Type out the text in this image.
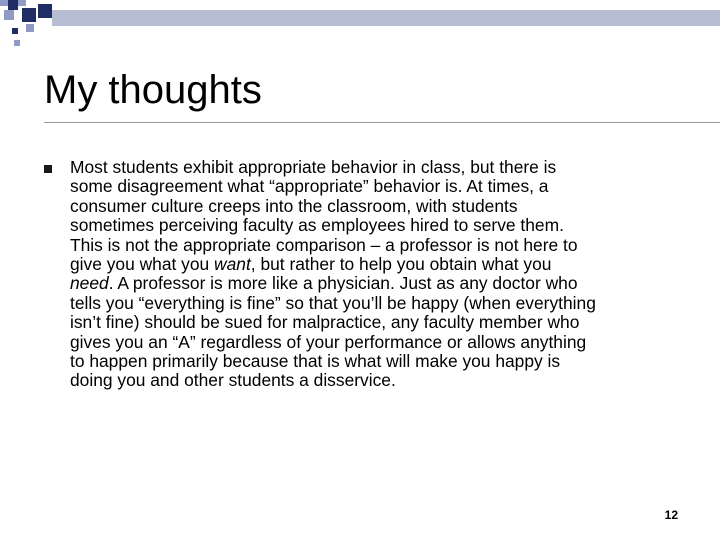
My thoughts

Most students exhibit appropriate behavior in class, but there is
some disagreement what “appropriate” behavior is. At times, a
consumer culture creeps into the classroom, with students
sometimes perceiving faculty as employees hired to serve them.
This is not the appropriate comparison – a professor is not here to
give you what you want, but rather to help you obtain what you
need. A professor is more like a physician. Just as any doctor who
tells you “everything is fine” so that you’ll be happy (when everything
isn’t fine) should be sued for malpractice, any faculty member who
gives you an “A” regardless of your performance or allows anything
to happen primarily because that is what will make you happy is
doing you and other students a disservice.

12
